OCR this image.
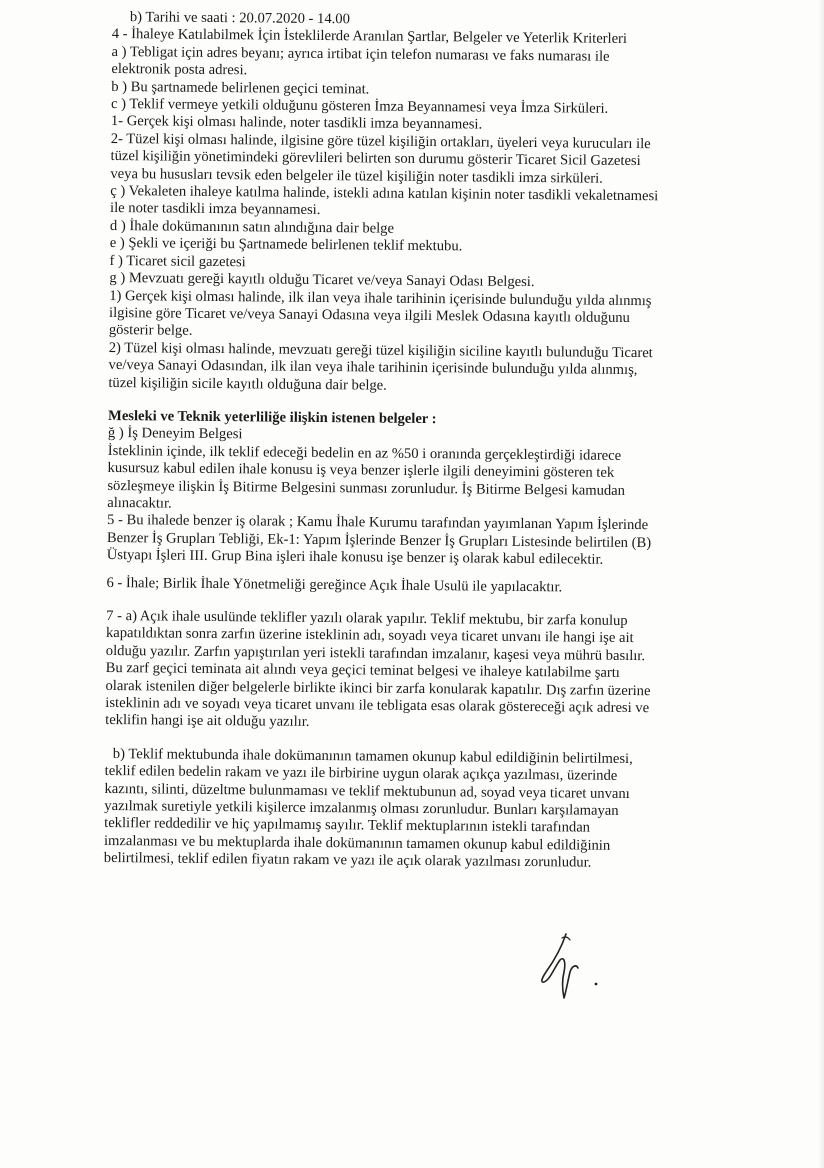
b) Tarihi ve saati : 20.07.2020 - 14.00
4 - İhaleye Katılabilmek İçin İsteklilerde Aranılan Şartlar, Belgeler ve Yeterlik Kriterleri
a ) Tebligat için adres beyanı; ayrıca irtibat için telefon numarası ve faks numarası ile
elektronik posta adresi.
b ) Bu şartnamede belirlenen geçici teminat.
c ) Teklif vermeye yetkili olduğunu gösteren İmza Beyannamesi veya İmza Sirküleri.
1- Gerçek kişi olması halinde, noter tasdikli imza beyannamesi.
2- Tüzel kişi olması halinde, ilgisine göre tüzel kişiliğin ortakları, üyeleri veya kurucuları ile
tüzel kişiliğin yönetimindeki görevlileri belirten son durumu gösterir Ticaret Sicil Gazetesi
veya bu hususları tevsik eden belgeler ile tüzel kişiliğin noter tasdikli imza sirküleri.
ç ) Vekaleten ihaleye katılma halinde, istekli adına katılan kişinin noter tasdikli vekaletnamesi
ile noter tasdikli imza beyannamesi.
d ) İhale dokümanının satın alındığına dair belge
e ) Şekli ve içeriği bu Şartnamede belirlenen teklif mektubu.
f ) Ticaret sicil gazetesi
g ) Mevzuatı gereği kayıtlı olduğu Ticaret ve/veya Sanayi Odası Belgesi.
1) Gerçek kişi olması halinde, ilk ilan veya ihale tarihinin içerisinde bulunduğu yılda alınmış
ilgisine göre Ticaret ve/veya Sanayi Odasına veya ilgili Meslek Odasına kayıtlı olduğunu
gösterir belge.
2) Tüzel kişi olması halinde, mevzuatı gereği tüzel kişiliğin siciline kayıtlı bulunduğu Ticaret
ve/veya Sanayi Odasından, ilk ilan veya ihale tarihinin içerisinde bulunduğu yılda alınmış,
tüzel kişiliğin sicile kayıtlı olduğuna dair belge.
Mesleki ve Teknik yeterliliğe ilişkin istenen belgeler :
ğ ) İş Deneyim Belgesi
İsteklinin içinde, ilk teklif edeceği bedelin en az %50 i oranında gerçekleştirdiği idarece
kusursuz kabul edilen ihale konusu iş veya benzer işlerle ilgili deneyimini gösteren tek
sözleşmeye ilişkin İş Bitirme Belgesini sunması zorunludur. İş Bitirme Belgesi kamudan
alınacaktır.
5 - Bu ihalede benzer iş olarak ; Kamu İhale Kurumu tarafından yayımlanan Yapım İşlerinde
Benzer İş Grupları Tebliği, Ek-1: Yapım İşlerinde Benzer İş Grupları Listesinde belirtilen (B)
Üstyapı İşleri III. Grup Bina işleri ihale konusu işe benzer iş olarak kabul edilecektir.
6 - İhale; Birlik İhale Yönetmeliği gereğince Açık İhale Usulü ile yapılacaktır.
7 - a) Açık ihale usulünde teklifler yazılı olarak yapılır. Teklif mektubu, bir zarfa konulup
kapatıldıktan sonra zarfın üzerine isteklinin adı, soyadı veya ticaret unvanı ile hangi işe ait
olduğu yazılır. Zarfın yapıştırılan yeri istekli tarafından imzalanır, kaşesi veya mührü basılır.
Bu zarf geçici teminata ait alındı veya geçici teminat belgesi ve ihaleye katılabilme şartı
olarak istenilen diğer belgelerle birlikte ikinci bir zarfa konularak kapatılır. Dış zarfın üzerine
isteklinin adı ve soyadı veya ticaret unvanı ile tebligata esas olarak göstereceği açık adresi ve
teklifin hangi işe ait olduğu yazılır.
b) Teklif mektubunda ihale dokümanının tamamen okunup kabul edildiğinin belirtilmesi,
teklif edilen bedelin rakam ve yazı ile birbirine uygun olarak açıkça yazılması, üzerinde
kazıntı, silinti, düzeltme bulunmaması ve teklif mektubunun ad, soyad veya ticaret unvanı
yazılmak suretiyle yetkili kişilerce imzalanmış olması zorunludur. Bunları karşılamayan
teklifler reddedilir ve hiç yapılmamış sayılır. Teklif mektuplarının istekli tarafından
imzalanması ve bu mektuplarda ihale dokümanının tamamen okunup kabul edildiğinin
belirtilmesi, teklif edilen fiyatın rakam ve yazı ile açık olarak yazılması zorunludur.
